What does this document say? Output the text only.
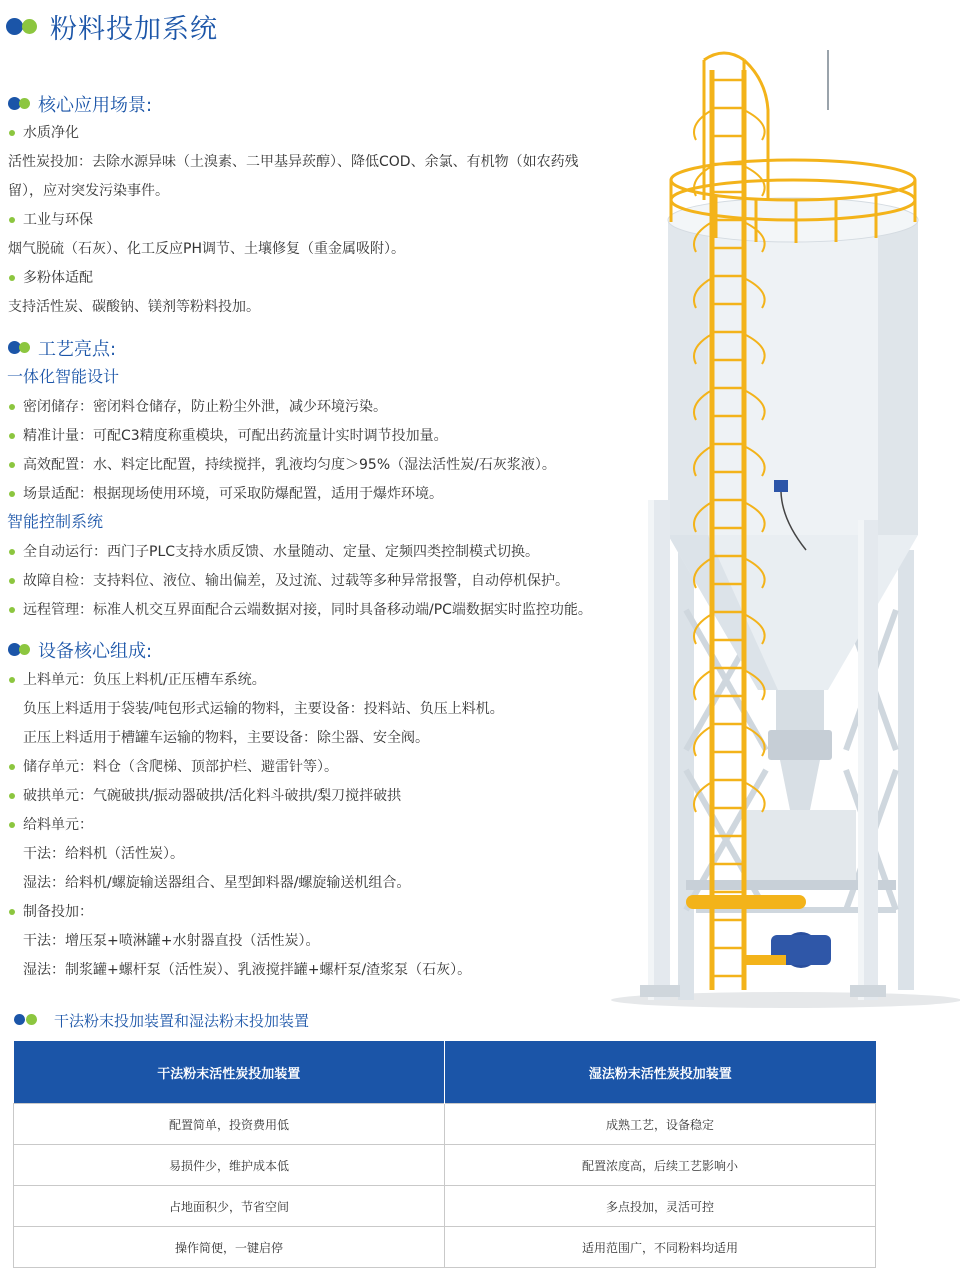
粉料投加系统
核心应用场景:
水质净化
活性炭投加：去除水源异味（土溴素、二甲基异莰醇）、降低COD、余氯、有机物（如农药残
留），应对突发污染事件。
工业与环保
烟气脱硫（石灰）、化工反应PH调节、土壤修复（重金属吸附）。
多粉体适配
支持活性炭、碳酸钠、镁剂等粉料投加。
工艺亮点:
一体化智能设计
密闭储存：密闭料仓储存，防止粉尘外泄，减少环境污染。
精准计量：可配C3精度称重模块，可配出药流量计实时调节投加量。
高效配置：水、料定比配置，持续搅拌，乳液均匀度＞95%（湿法活性炭/石灰浆液）。
场景适配：根据现场使用环境，可采取防爆配置，适用于爆炸环境。
智能控制系统
全自动运行：西门子PLC支持水质反馈、水量随动、定量、定频四类控制模式切换。
故障自检：支持料位、液位、输出偏差，及过流、过载等多种异常报警，自动停机保护。
远程管理：标准人机交互界面配合云端数据对接，同时具备移动端/PC端数据实时监控功能。
设备核心组成:
上料单元：负压上料机/正压槽车系统。
负压上料适用于袋装/吨包形式运输的物料，主要设备：投料站、负压上料机。
正压上料适用于槽罐车运输的物料，主要设备：除尘器、安全阀。
储存单元：料仓（含爬梯、顶部护栏、避雷针等）。
破拱单元：气碗破拱/振动器破拱/活化料斗破拱/梨刀搅拌破拱
给料单元：
干法：给料机（活性炭）。
湿法：给料机/螺旋输送器组合、星型卸料器/螺旋输送机组合。
制备投加：
干法：增压泵+喷淋罐+水射器直投（活性炭）。
湿法：制浆罐+螺杆泵（活性炭）、乳液搅拌罐+螺杆泵/渣浆泵（石灰）。
干法粉末投加装置和湿法粉末投加装置
干法粉末活性炭投加装置	湿法粉末活性炭投加装置
配置简单，投资费用低	成熟工艺，设备稳定
易损件少，维护成本低	配置浓度高，后续工艺影响小
占地面积少，节省空间	多点投加，灵活可控
操作简便，一键启停	适用范围广，不同粉料均适用
